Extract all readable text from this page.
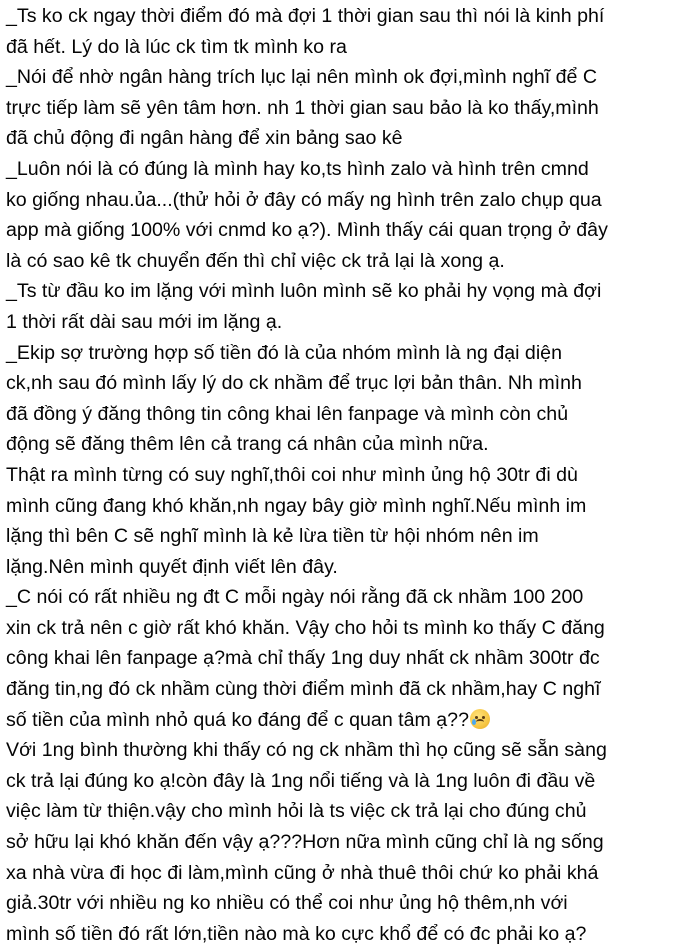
_Ts ko ck ngay thời điểm đó mà đợi 1 thời gian sau thì nói là kinh phí
đã hết. Lý do là lúc ck tìm tk mình ko ra
_Nói để nhờ ngân hàng trích lục lại nên mình ok đợi,mình nghĩ để C
trực tiếp làm sẽ yên tâm hơn. nh 1 thời gian sau bảo là ko thấy,mình
đã chủ động đi ngân hàng để xin bảng sao kê
_Luôn nói là có đúng là mình hay ko,ts hình zalo và hình trên cmnd
ko giống nhau.ủa...(thử hỏi ở đây có mấy ng hình trên zalo chụp qua
app mà giống 100% với cnmd ko ạ?). Mình thấy cái quan trọng ở đây
là có sao kê tk chuyển đến thì chỉ việc ck trả lại là xong ạ.
_Ts từ đầu ko im lặng với mình luôn mình sẽ ko phải hy vọng mà đợi
1 thời rất dài sau mới im lặng ạ.
_Ekip sợ trường hợp số tiền đó là của nhóm mình là ng đại diện
ck,nh sau đó mình lấy lý do ck nhầm để trục lợi bản thân. Nh mình
đã đồng ý đăng thông tin công khai lên fanpage và mình còn chủ
động sẽ đăng thêm lên cả trang cá nhân của mình nữa.
Thật ra mình từng có suy nghĩ,thôi coi như mình ủng hộ 30tr đi dù
mình cũng đang khó khăn,nh ngay bây giờ mình nghĩ.Nếu mình im
lặng thì bên C sẽ nghĩ mình là kẻ lừa tiền từ hội nhóm nên im
lặng.Nên mình quyết định viết lên đây.
_C nói có rất nhiều ng đt C mỗi ngày nói rằng đã ck nhầm 100 200
xin ck trả nên c giờ rất khó khăn. Vậy cho hỏi ts mình ko thấy C đăng
công khai lên fanpage ạ?mà chỉ thấy 1ng duy nhất ck nhầm 300tr đc
đăng tin,ng đó ck nhầm cùng thời điểm mình đã ck nhầm,hay C nghĩ
số tiền của mình nhỏ quá ko đáng để c quan tâm ạ??
Với 1ng bình thường khi thấy có ng ck nhầm thì họ cũng sẽ sẵn sàng
ck trả lại đúng ko ạ!còn đây là 1ng nổi tiếng và là 1ng luôn đi đầu về
việc làm từ thiện.vậy cho mình hỏi là ts việc ck trả lại cho đúng chủ
sở hữu lại khó khăn đến vậy ạ???Hơn nữa mình cũng chỉ là ng sống
xa nhà vừa đi học đi làm,mình cũng ở nhà thuê thôi chứ ko phải khá
giả.30tr với nhiều ng ko nhiều có thể coi như ủng hộ thêm,nh với
mình số tiền đó rất lớn,tiền nào mà ko cực khổ để có đc phải ko ạ?
